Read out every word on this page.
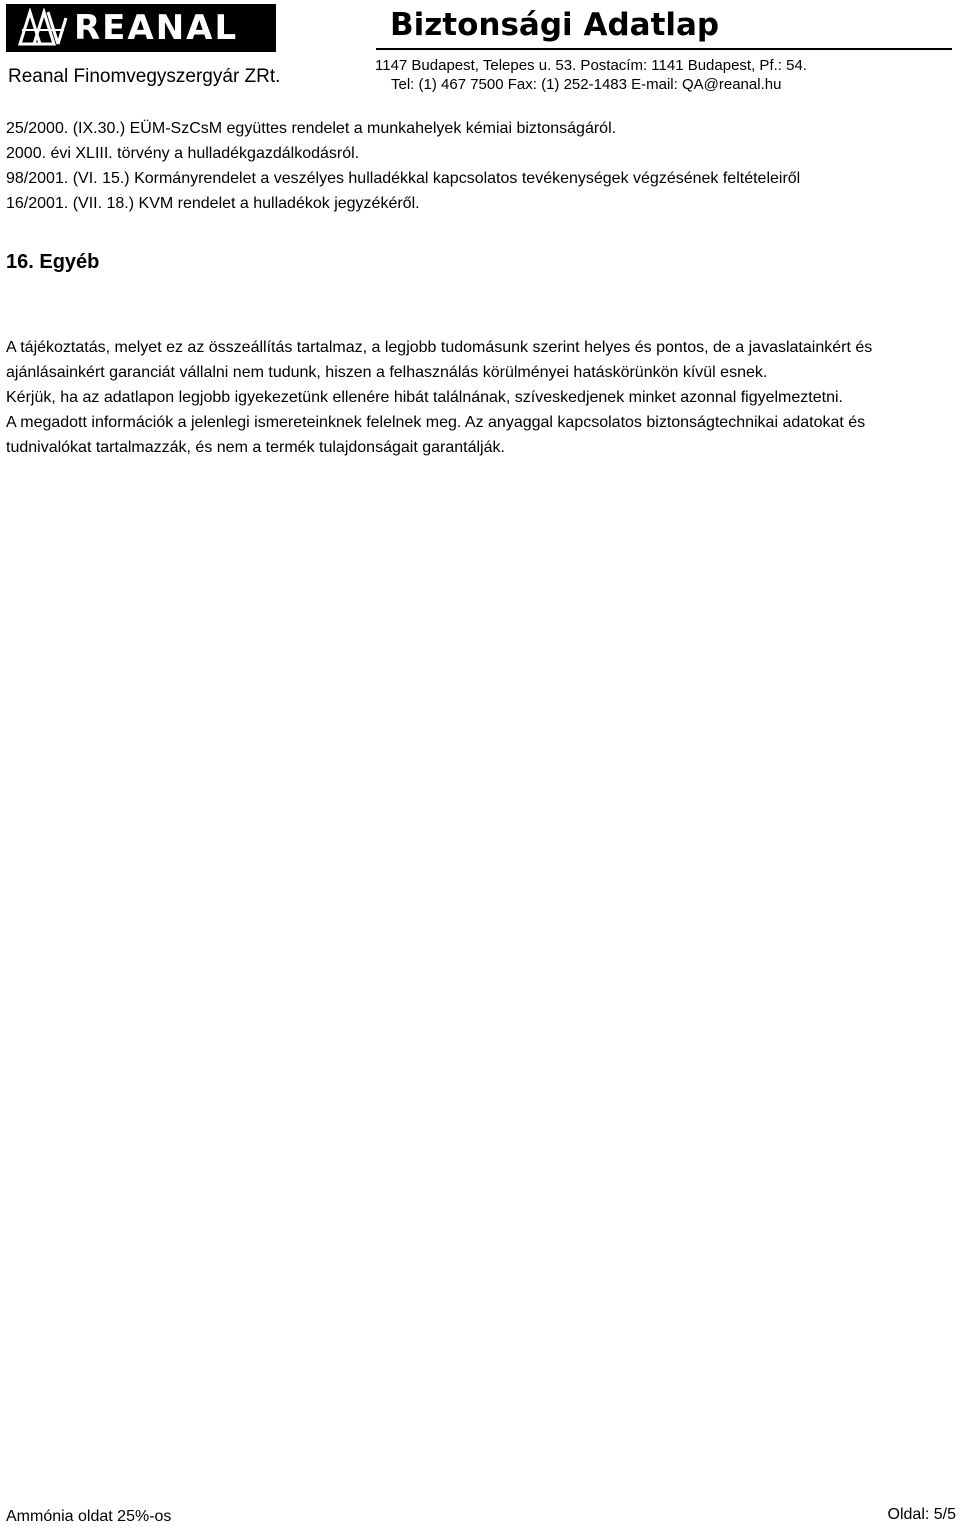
REANAL	Biztonsági Adatlap
Reanal Finomvegyszergyár ZRt.
1147 Budapest, Telepes u. 53. Postacím: 1141 Budapest, Pf.: 54.
Tel: (1) 467 7500 Fax: (1) 252-1483 E-mail: QA@reanal.hu
25/2000. (IX.30.) EÜM-SzCsM együttes rendelet a munkahelyek kémiai biztonságáról.
2000. évi XLIII. törvény a hulladékgazdálkodásról.
98/2001. (VI. 15.) Kormányrendelet a veszélyes hulladékkal kapcsolatos tevékenységek végzésének feltételeiről
16/2001. (VII. 18.) KVM rendelet a hulladékok jegyzékéről.
16. Egyéb

A tájékoztatás, melyet ez az összeállítás tartalmaz, a legjobb tudomásunk szerint helyes és pontos, de a javaslatainkért és ajánlásainkért garanciát vállalni nem tudunk, hiszen a felhasználás körülményei hatáskörünkön kívül esnek.

Kérjük, ha az adatlapon legjobb igyekezetünk ellenére hibát találnának, szíveskedjenek minket azonnal figyelmeztetni.

A megadott információk a jelenlegi ismereteinknek felelnek meg. Az anyaggal kapcsolatos biztonságtechnikai adatokat és tudnivalókat tartalmazzák, és nem a termék tulajdonságait garantálják.

Ammónia oldat 25%-os	Oldal: 5/5
